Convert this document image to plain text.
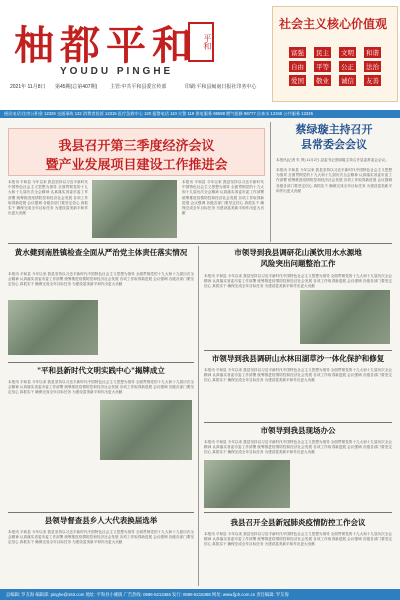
柚都平和 平和
YOUDU PINGHE
2021年 11月8日 第45期(总第407期)	主管:中共平和县委宣传部	印刷:平和县闽南日报社印务中心
社会主义核心价值观
富强	民主	文明	和谐
自由	平等	公正	法治
爱国	敬业	诚信	友善
便民电话:住房公积金 12329 交通事故 122 消费者投诉 12315 医疗急救中心 120 报警电话 110 火警 119 供电服务 95598 燃气抢修 96777 自来水 12345 公共服务 12345
我县召开第三季度经济会议
暨产业发展项目建设工作推进会
蔡绿璇主持召开
县常委会会议
本报讯(记者 朱 羿) 11月2日,县委书记蔡绿璇主持召开县委常委会会议。
本报讯 平和县 今年以来 我县坚持以习近平新时代中国特色社会主义思想为指导 全面贯彻党的十九大和十九届历次全会精神 认真落实省委市委工作部署 统筹推进疫情防控和经济社会发展 各项工作取得新进展 会议强调 各级各部门要坚定信心 真抓实干 确保完成全年目标任务 为建设富美新平和作出更大贡献
本报讯 平和县 今年以来 我县坚持以习近平新时代中国特色社会主义思想为指导 全面贯彻党的十九大和十九届历次全会精神 认真落实省委市委工作部署 统筹推进疫情防控和经济社会发展 各项工作取得新进展 会议强调 各级各部门要坚定信心 真抓实干 确保完成全年目标任务 为建设富美新平和作出更大贡献
本报讯 平和县 今年以来 我县坚持以习近平新时代中国特色社会主义思想为指导 全面贯彻党的十九大和十九届历次全会精神 认真落实省委市委工作部署 统筹推进疫情防控和经济社会发展 各项工作取得新进展 会议强调 各级各部门要坚定信心 真抓实干 确保完成全年目标任务 为建设富美新平和作出更大贡献
黄水健到南胜镇检查全面从严治党主体责任落实情况
本报讯 平和县 今年以来 我县坚持以习近平新时代中国特色社会主义思想为指导 全面贯彻党的十九大和十九届历次全会精神 认真落实省委市委工作部署 统筹推进疫情防控和经济社会发展 各项工作取得新进展 会议强调 各级各部门要坚定信心 真抓实干 确保完成全年目标任务 为建设富美新平和作出更大贡献
"平和县新时代文明实践中心"揭牌成立
本报讯 平和县 今年以来 我县坚持以习近平新时代中国特色社会主义思想为指导 全面贯彻党的十九大和十九届历次全会精神 认真落实省委市委工作部署 统筹推进疫情防控和经济社会发展 各项工作取得新进展 会议强调 各级各部门要坚定信心 真抓实干 确保完成全年目标任务 为建设富美新平和作出更大贡献
县领导督查县乡人大代表换届选举
本报讯 平和县 今年以来 我县坚持以习近平新时代中国特色社会主义思想为指导 全面贯彻党的十九大和十九届历次全会精神 认真落实省委市委工作部署 统筹推进疫情防控和经济社会发展 各项工作取得新进展 会议强调 各级各部门要坚定信心 真抓实干 确保完成全年目标任务 为建设富美新平和作出更大贡献
市领导到我县调研花山溪饮用水水源地
风险突出问题整治工作
本报讯 平和县 今年以来 我县坚持以习近平新时代中国特色社会主义思想为指导 全面贯彻党的十九大和十九届历次全会精神 认真落实省委市委工作部署 统筹推进疫情防控和经济社会发展 各项工作取得新进展 会议强调 各级各部门要坚定信心 真抓实干 确保完成全年目标任务 为建设富美新平和作出更大贡献
市领导到我县调研山水林田湖草沙一体化保护和修复
本报讯 平和县 今年以来 我县坚持以习近平新时代中国特色社会主义思想为指导 全面贯彻党的十九大和十九届历次全会精神 认真落实省委市委工作部署 统筹推进疫情防控和经济社会发展 各项工作取得新进展 会议强调 各级各部门要坚定信心 真抓实干 确保完成全年目标任务 为建设富美新平和作出更大贡献
市领导到我县现场办公
本报讯 平和县 今年以来 我县坚持以习近平新时代中国特色社会主义思想为指导 全面贯彻党的十九大和十九届历次全会精神 认真落实省委市委工作部署 统筹推进疫情防控和经济社会发展 各项工作取得新进展 会议强调 各级各部门要坚定信心 真抓实干 确保完成全年目标任务 为建设富美新平和作出更大贡献
我县召开全县新冠肺炎疫情防控工作会议
本报讯 平和县 今年以来 我县坚持以习近平新时代中国特色社会主义思想为指导 全面贯彻党的十九大和十九届历次全会精神 认真落实省委市委工作部署 统筹推进疫情防控和经济社会发展 各项工作取得新进展 会议强调 各级各部门要坚定信心 真抓实干 确保完成全年目标任务 为建设富美新平和作出更大贡献
总编辑: 罗友海 编辑部: pinghe@163.com 地址: 平和县小溪镇 广告热线: 0596-5213366 发行: 0596-5215388 网址: www.fjph.com.cn 责任编辑: 罗友海
